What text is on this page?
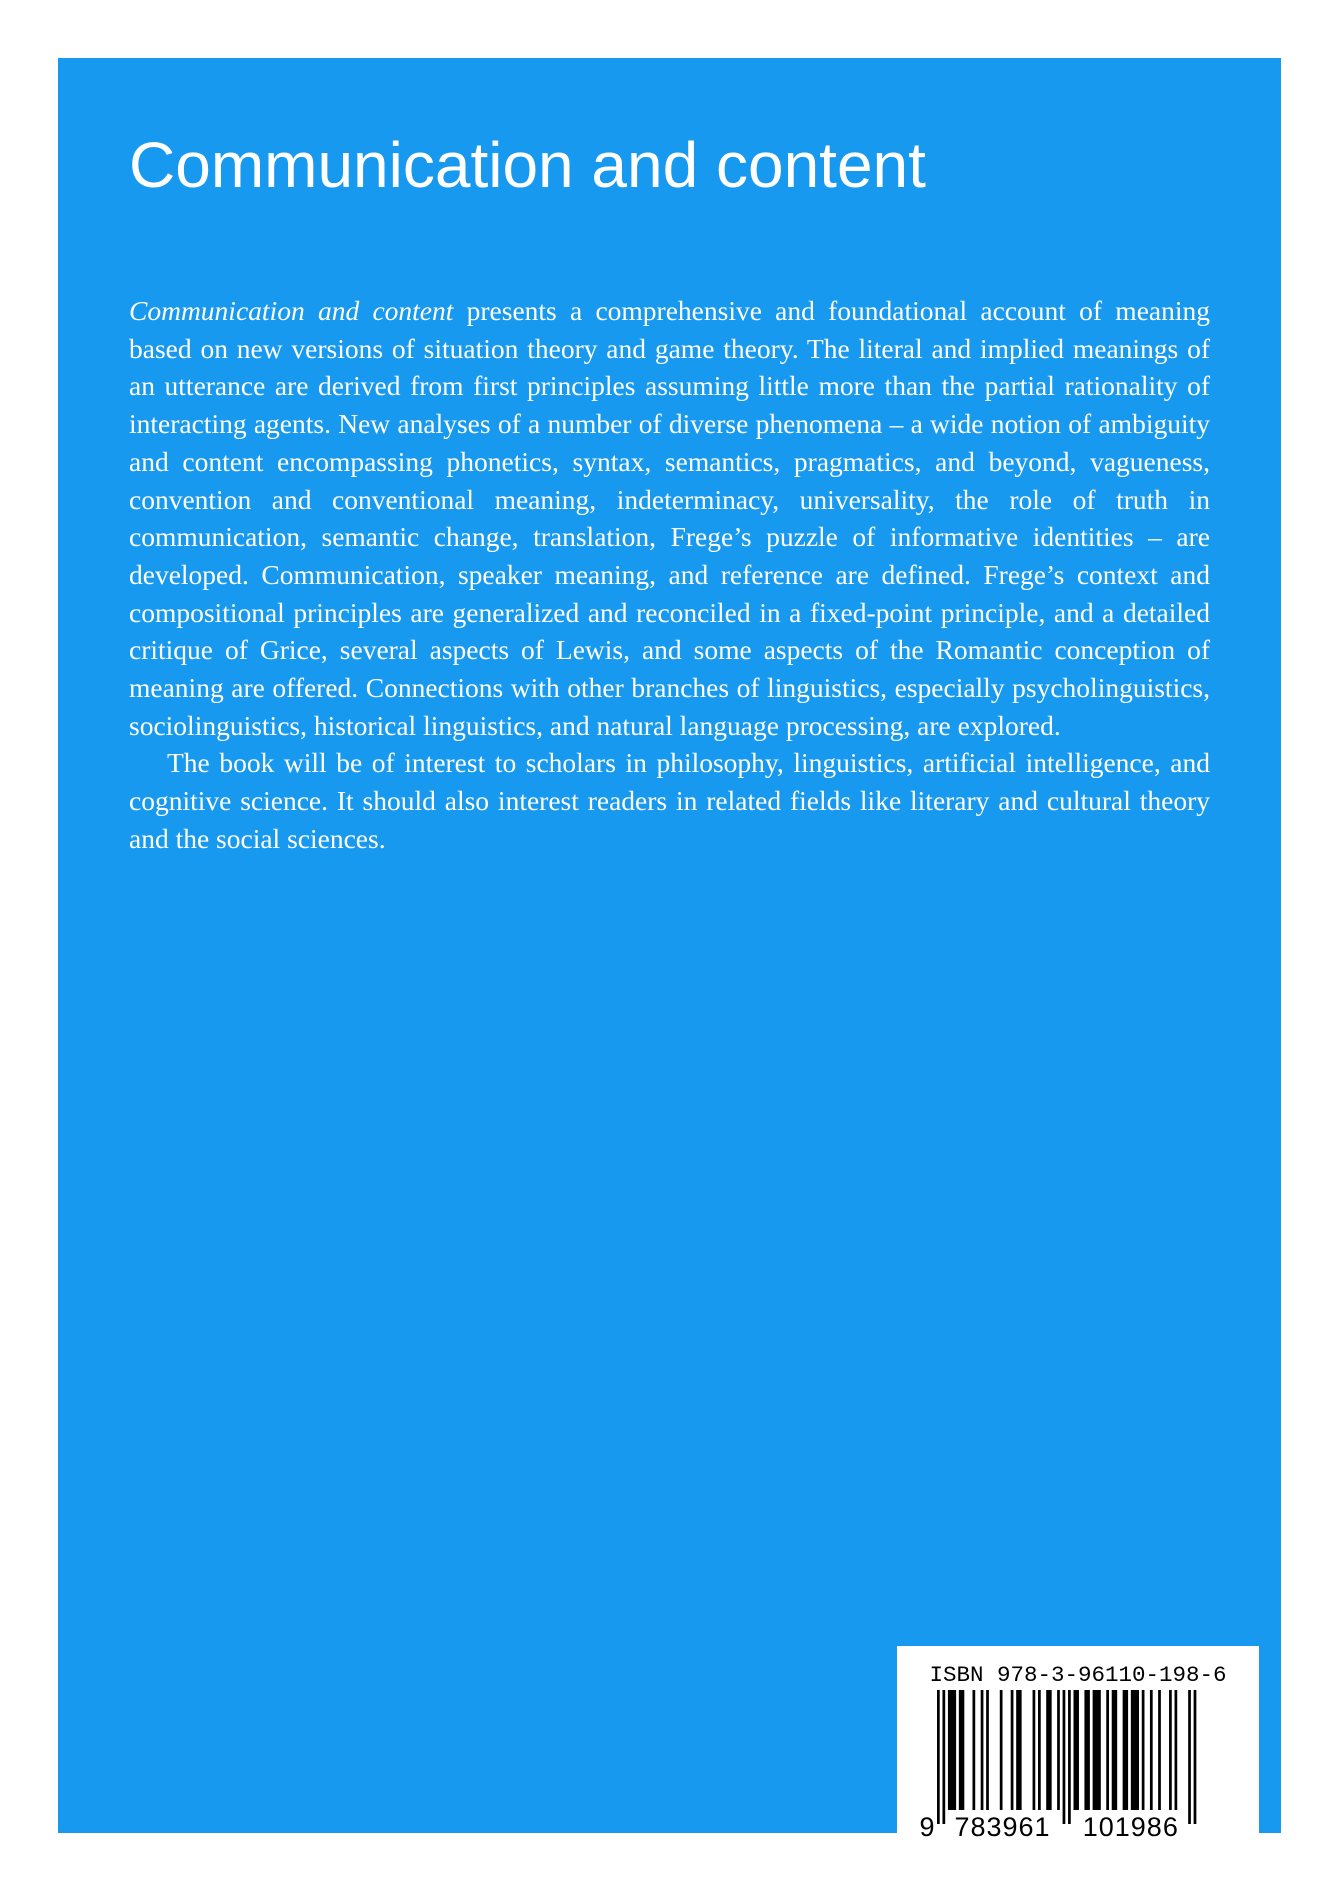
Communication and content

Communication and content presents a comprehensive and foundational account of meaning based on new versions of situation theory and game theory. The literal and implied meanings of an utterance are derived from first principles assuming little more than the partial rationality of interacting agents. New analyses of a number of diverse phenomena – a wide notion of ambiguity and content encompassing phonetics, syntax, semantics, pragmatics, and beyond, vagueness, convention and conventional meaning, indeterminacy, universality, the role of truth in communication, semantic change, translation, Frege’s puzzle of informative identities – are developed. Communication, speaker meaning, and reference are defined. Frege’s context and compositional principles are generalized and reconciled in a fixed-point principle, and a detailed critique of Grice, several aspects of Lewis, and some aspects of the Romantic conception of meaning are offered. Connections with other branches of linguistics, especially psycholinguistics, sociolinguistics, historical linguistics, and natural language processing, are explored.

The book will be of interest to scholars in philosophy, linguistics, artificial intelligence, and cognitive science. It should also interest readers in related fields like literary and cultural theory and the social sciences.

ISBN 978-3-96110-198-6
9 783961 101986
